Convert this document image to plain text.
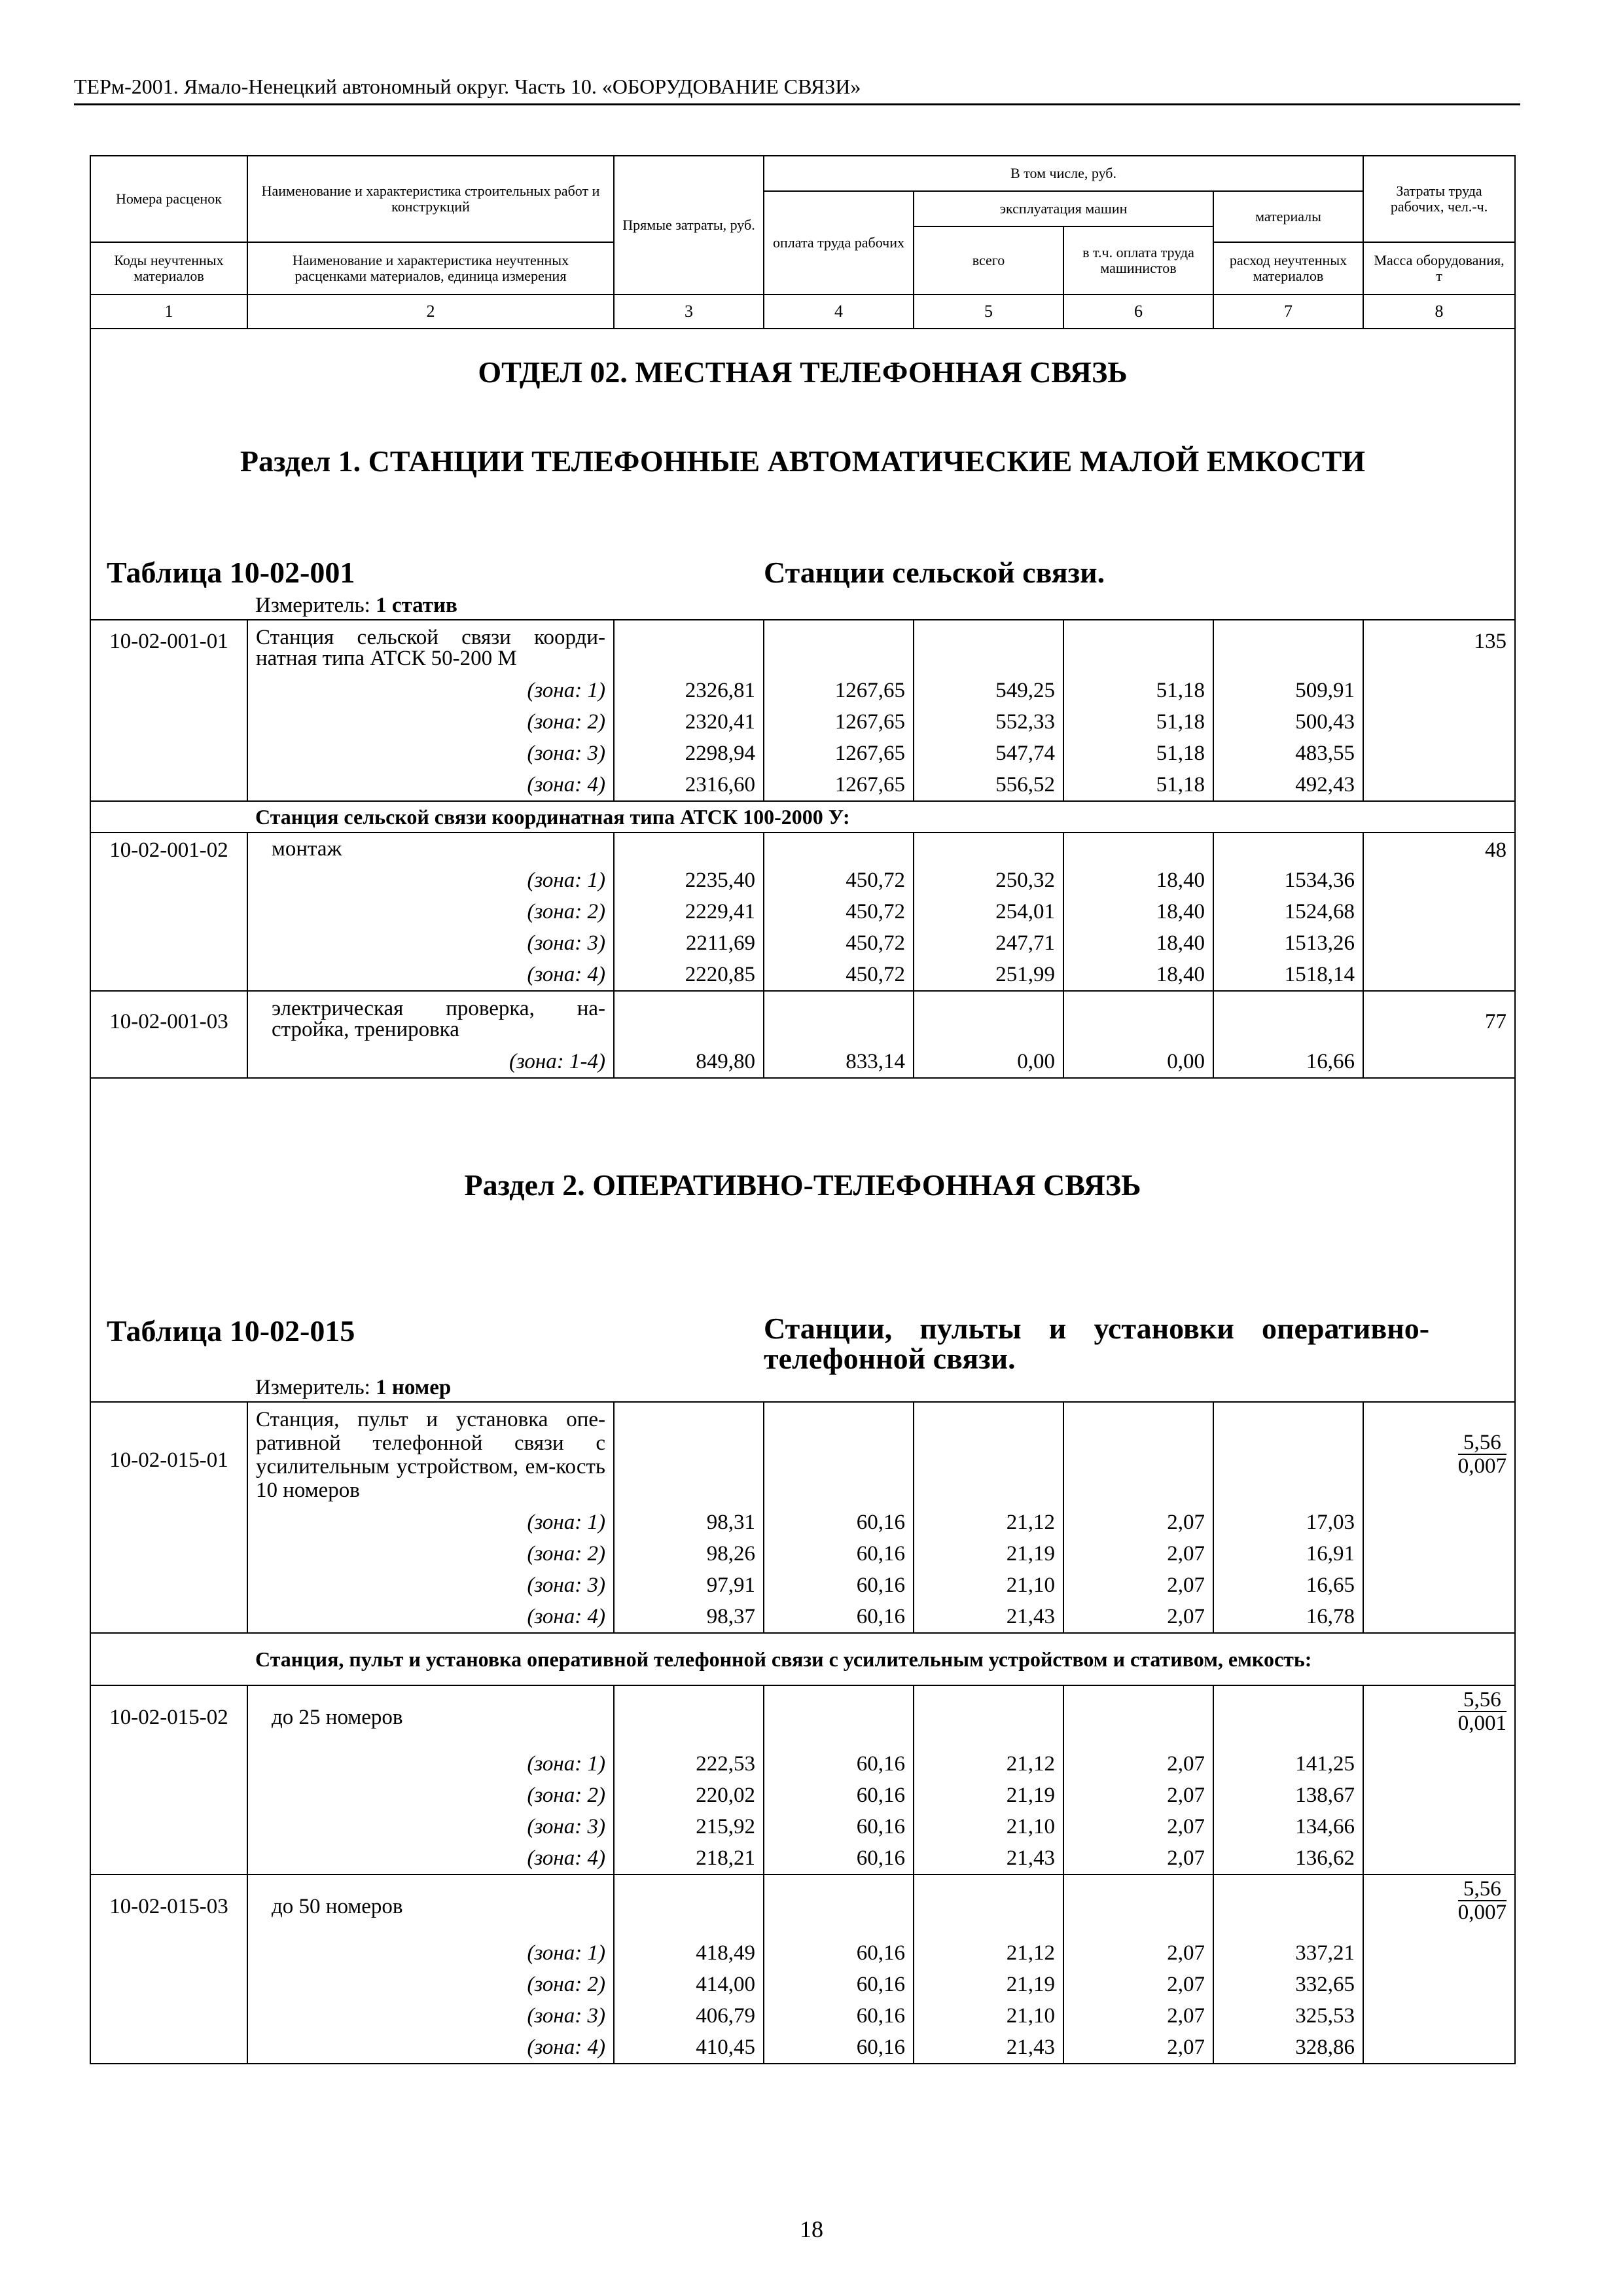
ТЕРм-2001. Ямало-Ненецкий автономный округ. Часть 10. «ОБОРУДОВАНИЕ СВЯЗИ»
Номера расценок	Наименование и характеристика строительных работ и конструкций	Прямые затраты, руб.	В том числе, руб.				Затраты труда рабочих, чел.-ч.
			оплата труда рабочих	эксплуатация машин		материалы	
				всего	в т.ч. оплата труда машинистов		
Коды неучтенных материалов	Наименование и характеристика неучтенных расценками материалов, единица измерения					расход неучтенных материалов	Масса оборудования, т

1	2	3	4	5	6	7	8
ОТДЕЛ 02. МЕСТНАЯ ТЕЛЕФОННАЯ СВЯЗЬ							
Раздел 1. СТАНЦИИ ТЕЛЕФОННЫЕ АВТОМАТИЧЕСКИЕ МАЛОЙ ЕМКОСТИ							

Таблица 10-02-001			Станции сельской связи.				
	Измеритель: 1 статив						
10-02-001-01	Станция сельской связи коорди-натная типа АТСК 50-200 М						135
	(зона: 1)	2326,81	1267,65	549,25	51,18	509,91	
	(зона: 2)	2320,41	1267,65	552,33	51,18	500,43	
	(зона: 3)	2298,94	1267,65	547,74	51,18	483,55	
	(зона: 4)	2316,60	1267,65	556,52	51,18	492,43	
	Станция сельской связи координатная типа АТСК 100-2000 У:						
10-02-001-02	монтаж						48
	(зона: 1)	2235,40	450,72	250,32	18,40	1534,36	
	(зона: 2)	2229,41	450,72	254,01	18,40	1524,68	
	(зона: 3)	2211,69	450,72	247,71	18,40	1513,26	
	(зона: 4)	2220,85	450,72	251,99	18,40	1518,14	
10-02-001-03	электрическая проверка, на-стройка, тренировка						77
	(зона: 1-4)	849,80	833,14	0,00	0,00	16,66	
Раздел 2. ОПЕРАТИВНО-ТЕЛЕФОННАЯ СВЯЗЬ							

Таблица 10-02-015			Станции, пульты и установки оперативно-телефонной связи.				
	Измеритель: 1 номер						
10-02-015-01	Станция, пульт и установка опе-ративной телефонной связи с усилительным устройством, ем-кость 10 номеров						$\frac{5,56}{0,007}$

	(зона: 1)	98,31	60,16	21,12	2,07	17,03	
	(зона: 2)	98,26	60,16	21,19	2,07	16,91	
	(зона: 3)	97,91	60,16	21,10	2,07	16,65	
	(зона: 4)	98,37	60,16	21,43	2,07	16,78	
	Станция, пульт и установка оперативной телефонной связи с усилительным устройством и стативом, емкость:						
10-02-015-02	до 25 номеров						$\frac{5,56}{0,001}$

	(зона: 1)	222,53	60,16	21,12	2,07	141,25	
	(зона: 2)	220,02	60,16	21,19	2,07	138,67	
	(зона: 3)	215,92	60,16	21,10	2,07	134,66	
	(зона: 4)	218,21	60,16	21,43	2,07	136,62	
10-02-015-03	до 50 номеров						$\frac{5,56}{0,007}$

	(зона: 1)	418,49	60,16	21,12	2,07	337,21	
	(зона: 2)	414,00	60,16	21,19	2,07	332,65	
	(зона: 3)	406,79	60,16	21,10	2,07	325,53	
	(зона: 4)	410,45	60,16	21,43	2,07	328,86	
18
